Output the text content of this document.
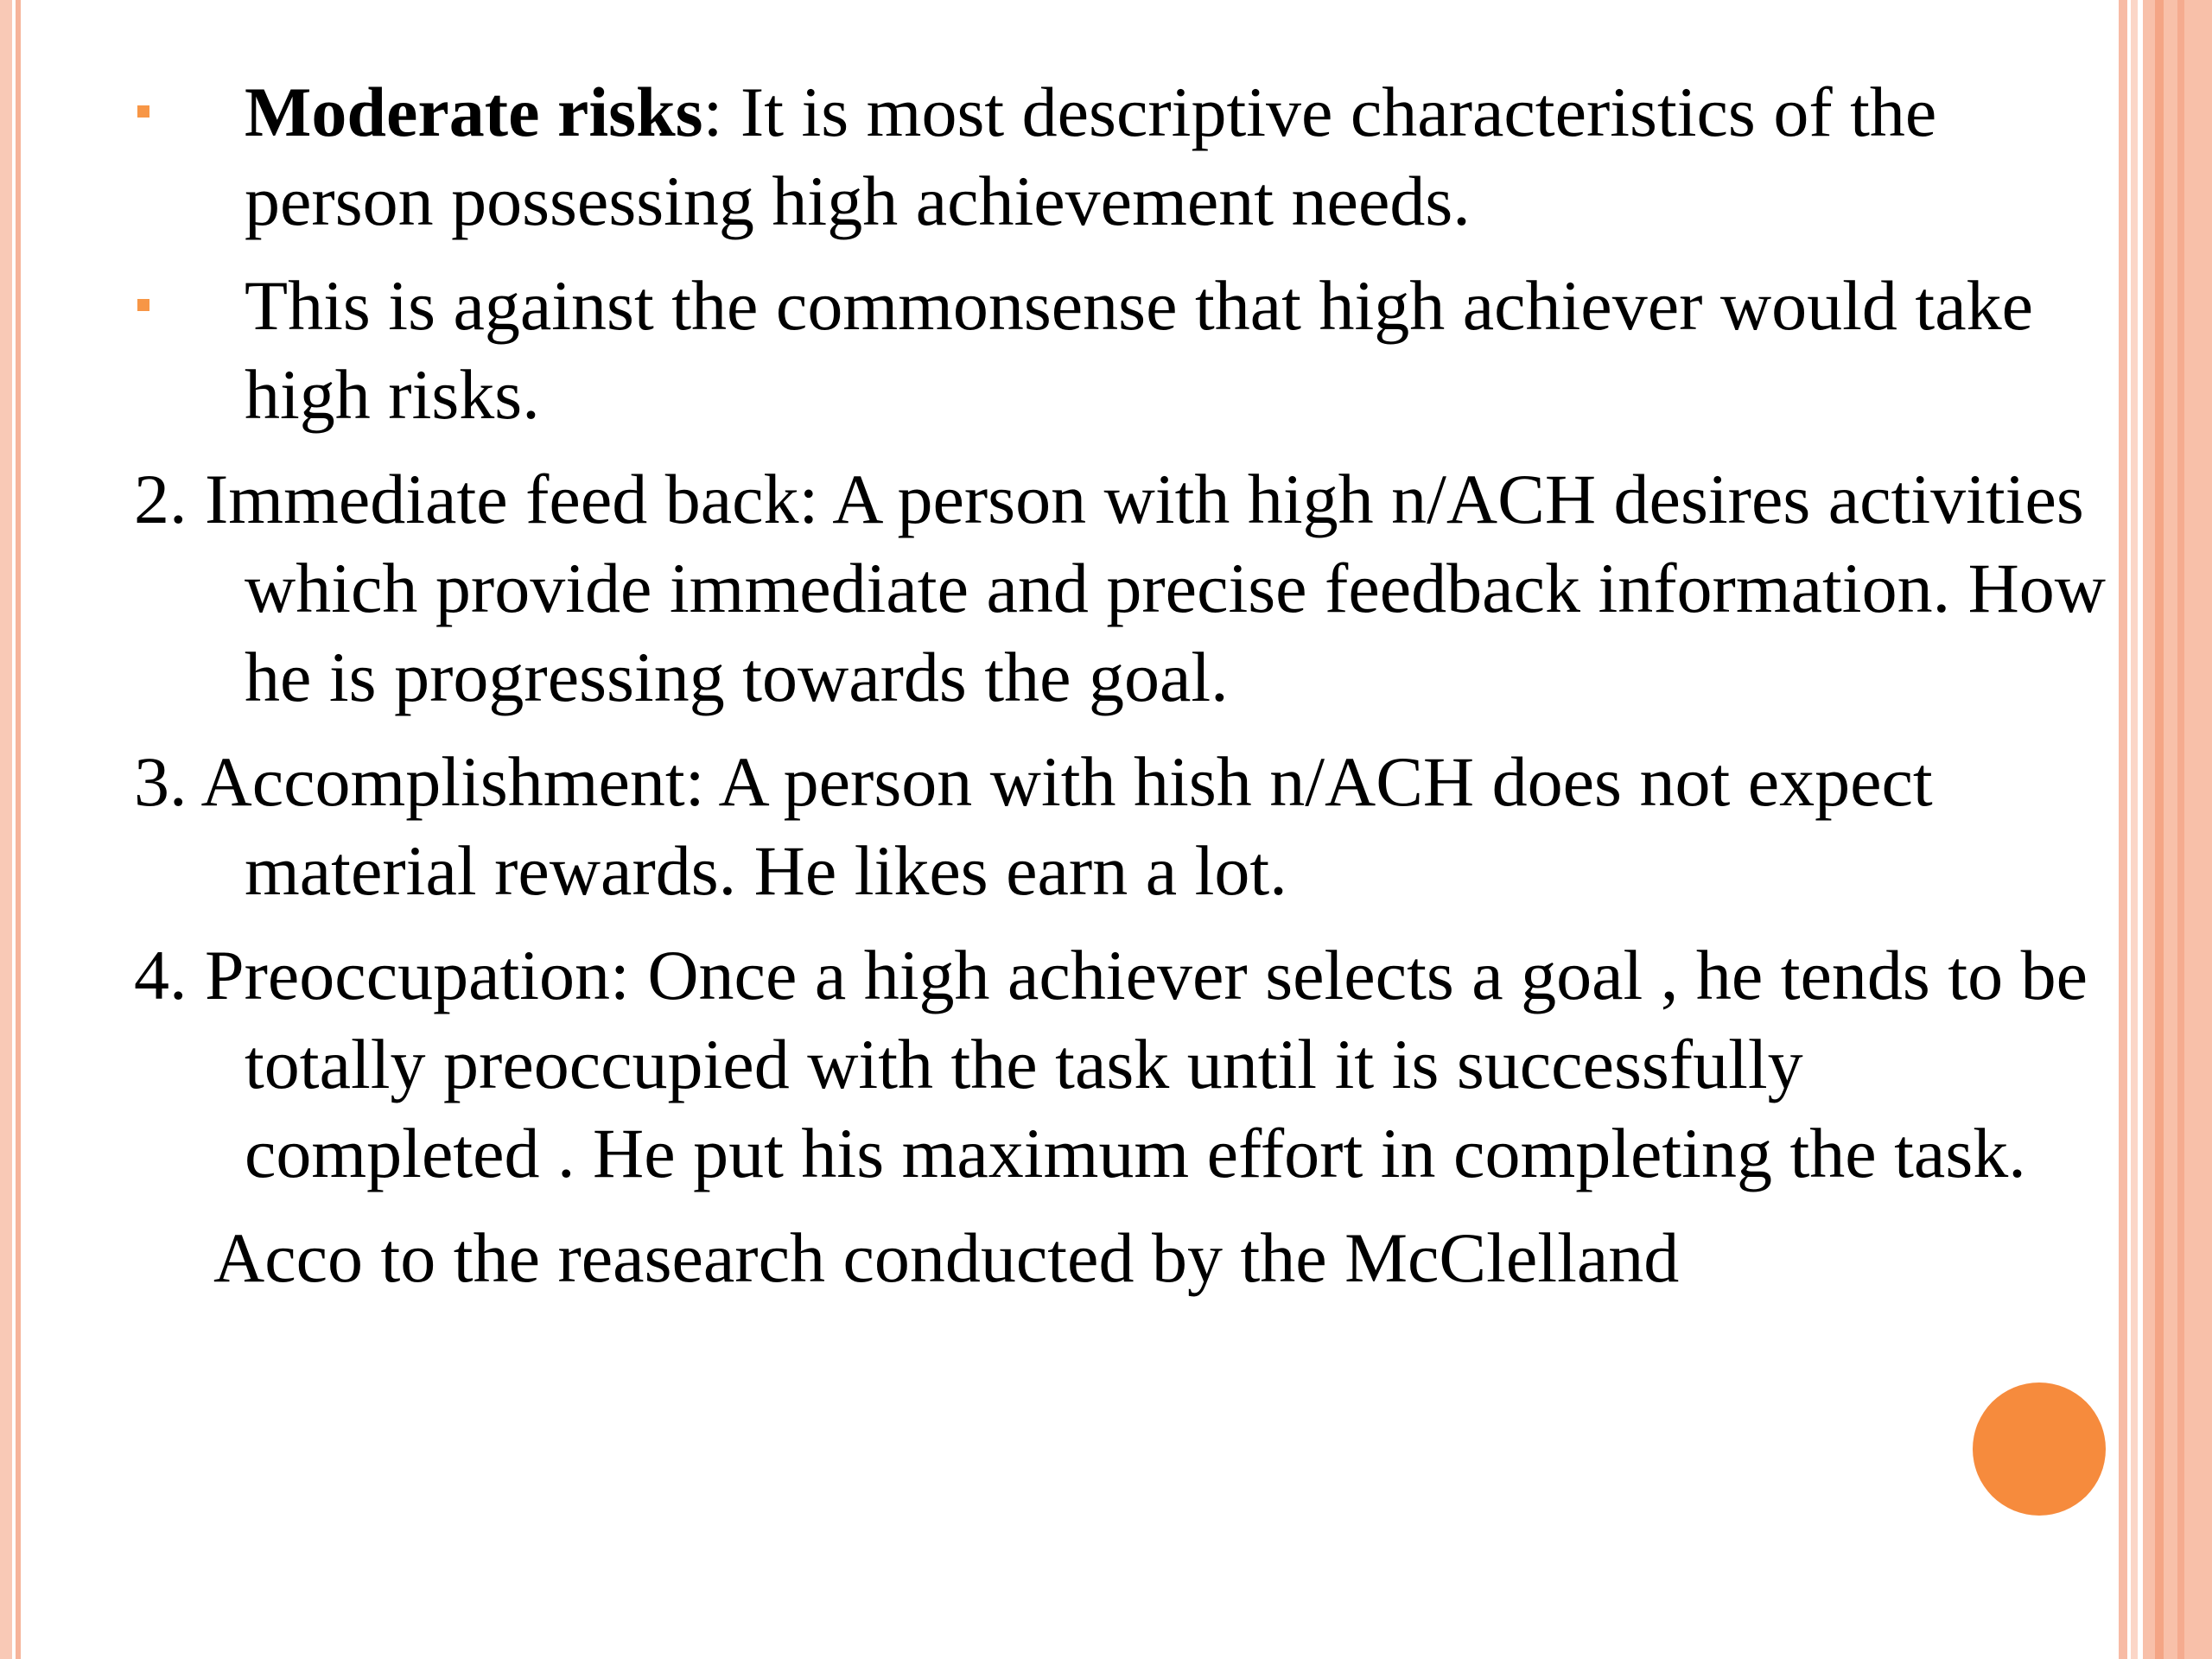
Moderate risks: It is most descriptive characteristics of the person possessing high achievement needs.
This is against the commonsense that high achiever would take high risks.
2. Immediate feed back: A person with high n/ACH desires activities which provide immediate and precise feedback information. How he is progressing towards the goal.
3. Accomplishment: A person with hish n/ACH does not expect material rewards. He likes earn a lot.
4. Preoccupation: Once a high achiever selects a goal , he tends to be totally preoccupied with the task until it is successfully completed . He put his maximum effort in completing the task.
Acco to the reasearch conducted by the McClelland
